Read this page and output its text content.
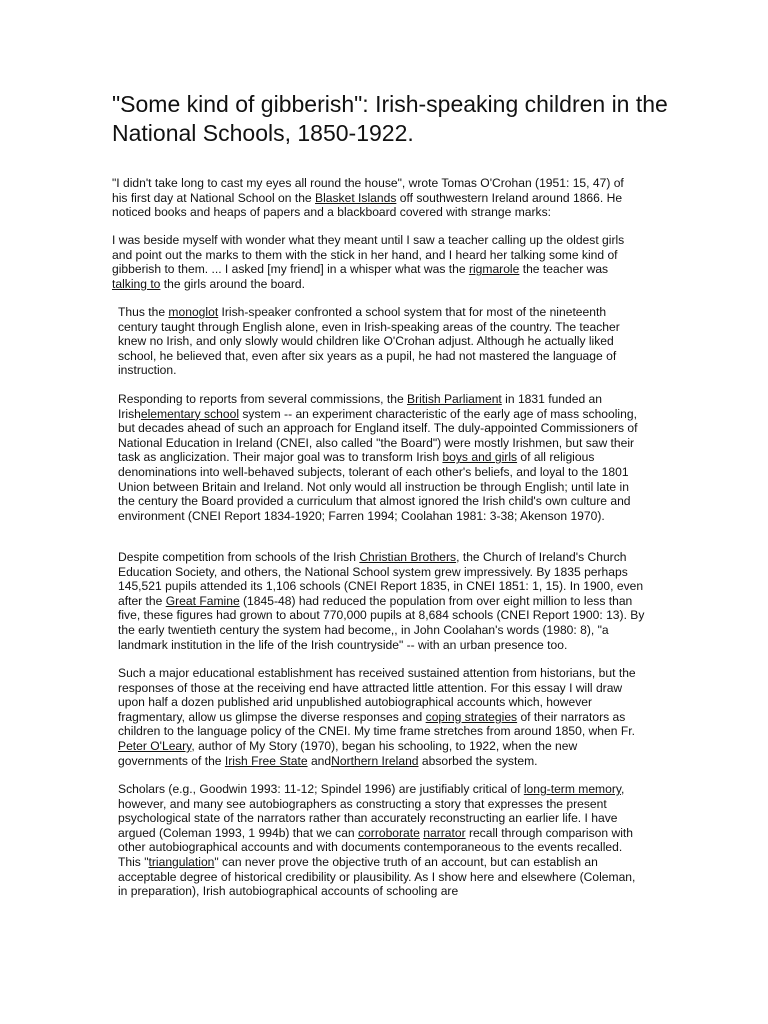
"Some kind of gibberish": Irish-speaking children in the National Schools, 1850-1922.

"I didn't take long to cast my eyes all round the house", wrote Tomas O'Crohan (1951: 15, 47) of his first day at National School on the Blasket Islands off southwestern Ireland around 1866. He noticed books and heaps of papers and a blackboard covered with strange marks:

I was beside myself with wonder what they meant until I saw a teacher calling up the oldest girls and point out the marks to them with the stick in her hand, and I heard her talking some kind of gibberish to them. ... I asked [my friend] in a whisper what was the rigmarole the teacher was talking to the girls around the board.

Thus the monoglot Irish-speaker confronted a school system that for most of the nineteenth century taught through English alone, even in Irish-speaking areas of the country. The teacher knew no Irish, and only slowly would children like O'Crohan adjust. Although he actually liked school, he believed that, even after six years as a pupil, he had not mastered the language of instruction.

Responding to reports from several commissions, the British Parliament in 1831 funded an Irishelementary school system -- an experiment characteristic of the early age of mass schooling, but decades ahead of such an approach for England itself. The duly-appointed Commissioners of National Education in Ireland (CNEI, also called "the Board") were mostly Irishmen, but saw their task as anglicization. Their major goal was to transform Irish boys and girls of all religious denominations into well-behaved subjects, tolerant of each other's beliefs, and loyal to the 1801 Union between Britain and Ireland. Not only would all instruction be through English; until late in the century the Board provided a curriculum that almost ignored the Irish child's own culture and environment (CNEI Report 1834-1920; Farren 1994; Coolahan 1981: 3-38; Akenson 1970).

Despite competition from schools of the Irish Christian Brothers, the Church of Ireland's Church Education Society, and others, the National School system grew impressively. By 1835 perhaps 145,521 pupils attended its 1,106 schools (CNEI Report 1835, in CNEI 1851: 1, 15). In 1900, even after the Great Famine (1845-48) had reduced the population from over eight million to less than five, these figures had grown to about 770,000 pupils at 8,684 schools (CNEI Report 1900: 13). By the early twentieth century the system had become,, in John Coolahan's words (1980: 8), "a landmark institution in the life of the Irish countryside" -- with an urban presence too.

Such a major educational establishment has received sustained attention from historians, but the responses of those at the receiving end have attracted little attention. For this essay I will draw upon half a dozen published arid unpublished autobiographical accounts which, however fragmentary, allow us glimpse the diverse responses and coping strategies of their narrators as children to the language policy of the CNEI. My time frame stretches from around 1850, when Fr. Peter O'Leary, author of My Story (1970), began his schooling, to 1922, when the new governments of the Irish Free State andNorthern Ireland absorbed the system.

Scholars (e.g., Goodwin 1993: 11-12; Spindel 1996) are justifiably critical of long-term memory, however, and many see autobiographers as constructing a story that expresses the present psychological state of the narrators rather than accurately reconstructing an earlier life. I have argued (Coleman 1993, 1 994b) that we can corroborate narrator recall through comparison with other autobiographical accounts and with documents contemporaneous to the events recalled. This "triangulation" can never prove the objective truth of an account, but can establish an acceptable degree of historical credibility or plausibility. As I show here and elsewhere (Coleman, in preparation), Irish autobiographical accounts of schooling are
